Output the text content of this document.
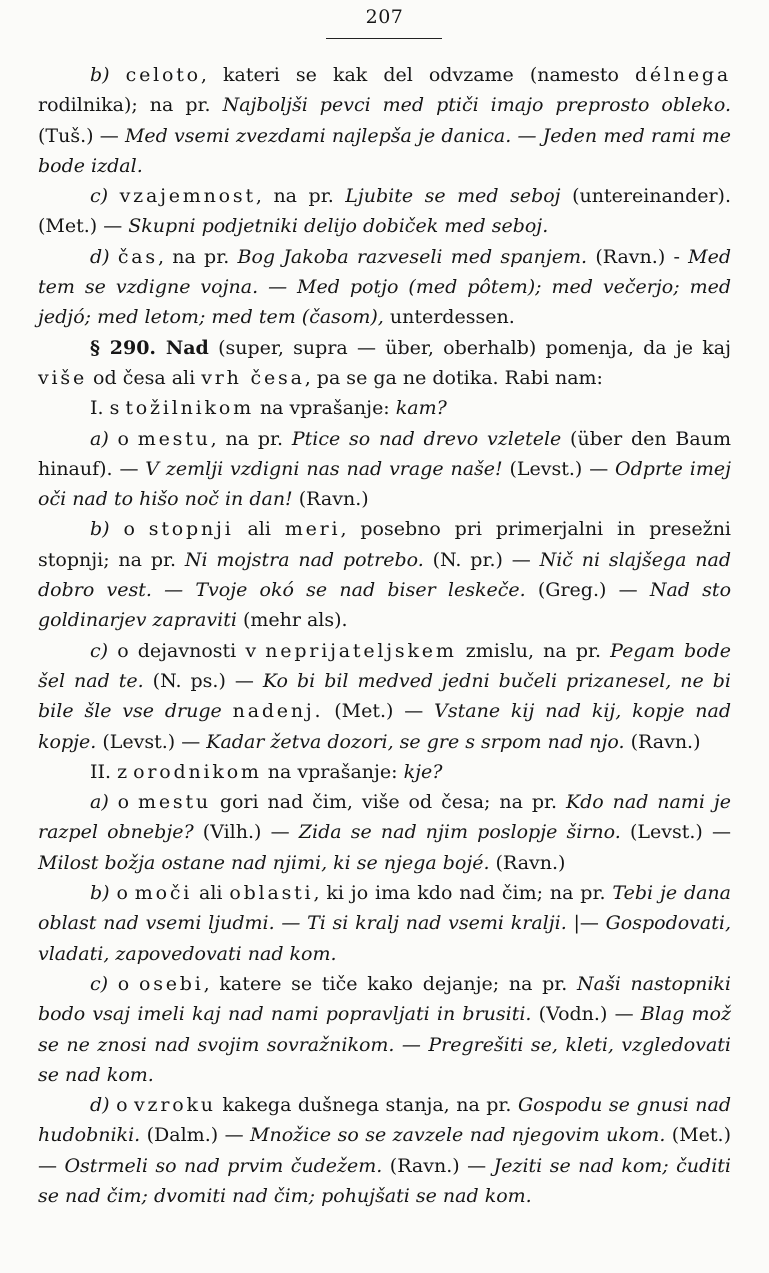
207

b) celoto, kateri se kak del odvzame (namesto délnega rodilnika); na pr. Najboljši pevci med ptiči imajo preprosto obleko. (Tuš.) — Med vsemi zvezdami najlepša je danica. — Jeden med rami me bode izdal.

c) vzajemnost, na pr. Ljubite se med seboj (untereinander). (Met.) — Skupni podjetniki delijo dobiček med seboj.

d) čas, na pr. Bog Jakoba razveseli med spanjem. (Ravn.) - Med tem se vzdigne vojna. — Med potjo (med pôtem); med večerjo; med jedjó; med letom; med tem (časom), unterdessen.

§ 290. Nad (super, supra — über, oberhalb) pomenja, da je kaj više od česa ali vrh česa, pa se ga ne dotika. Rabi nam:

I. s tožilnikom na vprašanje: kam?

a) o mestu, na pr. Ptice so nad drevo vzletele (über den Baum hinauf). — V zemlji vzdigni nas nad vrage naše! (Levst.) — Odprte imej oči nad to hišo noč in dan! (Ravn.)

b) o stopnji ali meri, posebno pri primerjalni in presežni stopnji; na pr. Ni mojstra nad potrebo. (N. pr.) — Nič ni slajšega nad dobro vest. — Tvoje okó se nad biser leskeče. (Greg.) — Nad sto goldinarjev zapraviti (mehr als).

c) o dejavnosti v neprijateljskem zmislu, na pr. Pegam bode šel nad te. (N. ps.) — Ko bi bil medved jedni bučeli prizanesel, ne bi bile šle vse druge nadenj. (Met.) — Vstane kij nad kij, kopje nad kopje. (Levst.) — Kadar žetva dozori, se gre s srpom nad njo. (Ravn.)

II. z orodnikom na vprašanje: kje?

a) o mestu gori nad čim, više od česa; na pr. Kdo nad nami je razpel obnebje? (Vilh.) — Zida se nad njim poslopje širno. (Levst.) — Milost božja ostane nad njimi, ki se njega bojé. (Ravn.)

b) o moči ali oblasti, ki jo ima kdo nad čim; na pr. Tebi je dana oblast nad vsemi ljudmi. — Ti si kralj nad vsemi kralji. |— Gospodovati, vladati, zapovedovati nad kom.

c) o osebi, katere se tiče kako dejanje; na pr. Naši nastopniki bodo vsaj imeli kaj nad nami popravljati in brusiti. (Vodn.) — Blag mož se ne znosi nad svojim sovražnikom. — Pregrešiti se, kleti, vzgledovati se nad kom.

d) o vzroku kakega dušnega stanja, na pr. Gospodu se gnusi nad hudobniki. (Dalm.) — Množice so se zavzele nad njegovim ukom. (Met.) — Ostrmeli so nad prvim čudežem. (Ravn.) — Jeziti se nad kom; čuditi se nad čim; dvomiti nad čim; pohujšati se nad kom.
